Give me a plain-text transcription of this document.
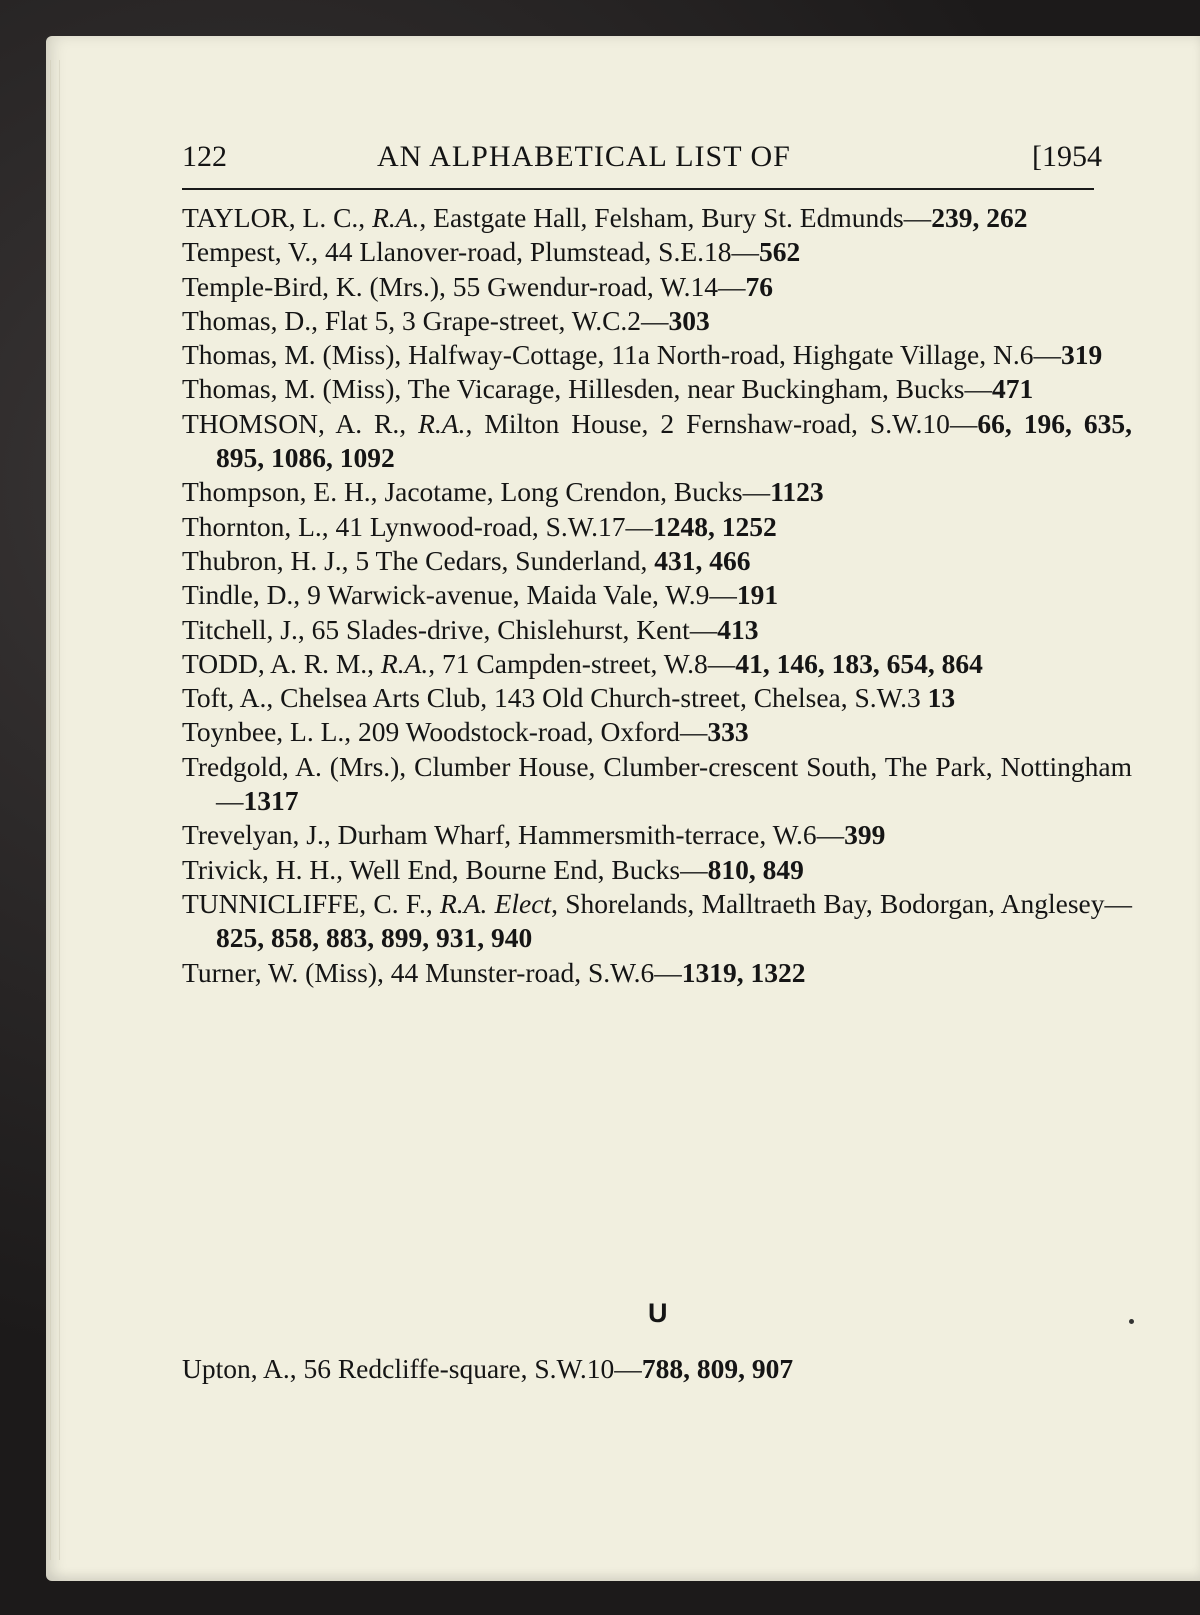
122	AN ALPHABETICAL LIST OF	[1954
TAYLOR, L. C., R.A., Eastgate Hall, Felsham, Bury St. Edmunds—239, 262
Tempest, V., 44 Llanover-road, Plumstead, S.E.18—562
Temple-Bird, K. (Mrs.), 55 Gwendur-road, W.14—76
Thomas, D., Flat 5, 3 Grape-street, W.C.2—303
Thomas, M. (Miss), Halfway-Cottage, 11a North-road, Highgate Village, N.6—319
Thomas, M. (Miss), The Vicarage, Hillesden, near Buckingham, Bucks—471
THOMSON, A. R., R.A., Milton House, 2 Fernshaw-road, S.W.10—66, 196, 635, 895, 1086, 1092
Thompson, E. H., Jacotame, Long Crendon, Bucks—1123
Thornton, L., 41 Lynwood-road, S.W.17—1248, 1252
Thubron, H. J., 5 The Cedars, Sunderland, 431, 466
Tindle, D., 9 Warwick-avenue, Maida Vale, W.9—191
Titchell, J., 65 Slades-drive, Chislehurst, Kent—413
TODD, A. R. M., R.A., 71 Campden-street, W.8—41, 146, 183, 654, 864
Toft, A., Chelsea Arts Club, 143 Old Church-street, Chelsea, S.W.3 13
Toynbee, L. L., 209 Woodstock-road, Oxford—333
Tredgold, A. (Mrs.), Clumber House, Clumber-crescent South, The Park, Nottingham—1317
Trevelyan, J., Durham Wharf, Hammersmith-terrace, W.6—399
Trivick, H. H., Well End, Bourne End, Bucks—810, 849
TUNNICLIFFE, C. F., R.A. Elect, Shorelands, Malltraeth Bay, Bodorgan, Anglesey—825, 858, 883, 899, 931, 940
Turner, W. (Miss), 44 Munster-road, S.W.6—1319, 1322
U
Upton, A., 56 Redcliffe-square, S.W.10—788, 809, 907
